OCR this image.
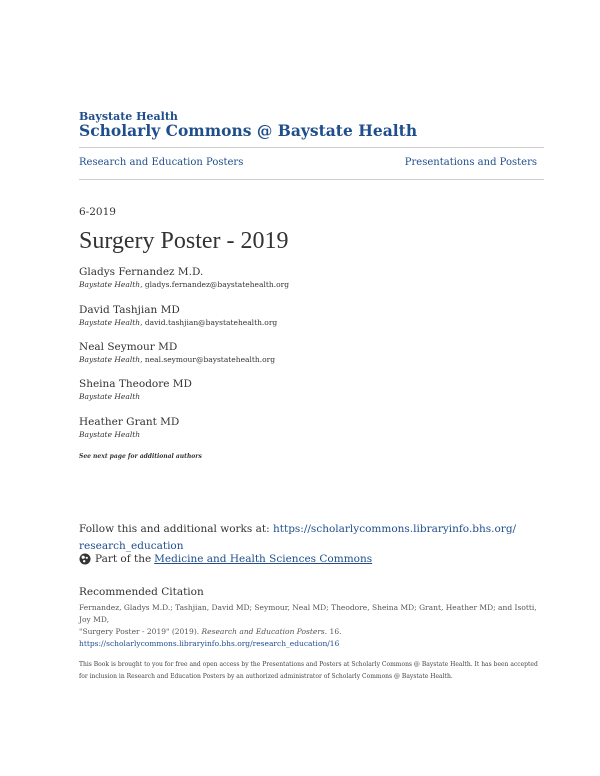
Baystate Health
Scholarly Commons @ Baystate Health
Research and Education Posters	Presentations and Posters
6-2019
Surgery Poster - 2019
Gladys Fernandez M.D.
Baystate Health, gladys.fernandez@baystatehealth.org
David Tashjian MD
Baystate Health, david.tashjian@baystatehealth.org
Neal Seymour MD
Baystate Health, neal.seymour@baystatehealth.org
Sheina Theodore MD
Baystate Health
Heather Grant MD
Baystate Health
See next page for additional authors
Follow this and additional works at: https://scholarlycommons.libraryinfo.bhs.org/
research_education
Part of the Medicine and Health Sciences Commons
Recommended Citation
Fernandez, Gladys M.D.; Tashjian, David MD; Seymour, Neal MD; Theodore, Sheina MD; Grant, Heather MD; and Isotti, Joy MD,
"Surgery Poster - 2019" (2019). Research and Education Posters. 16.
https://scholarlycommons.libraryinfo.bhs.org/research_education/16
This Book is brought to you for free and open access by the Presentations and Posters at Scholarly Commons @ Baystate Health. It has been accepted
for inclusion in Research and Education Posters by an authorized administrator of Scholarly Commons @ Baystate Health.
